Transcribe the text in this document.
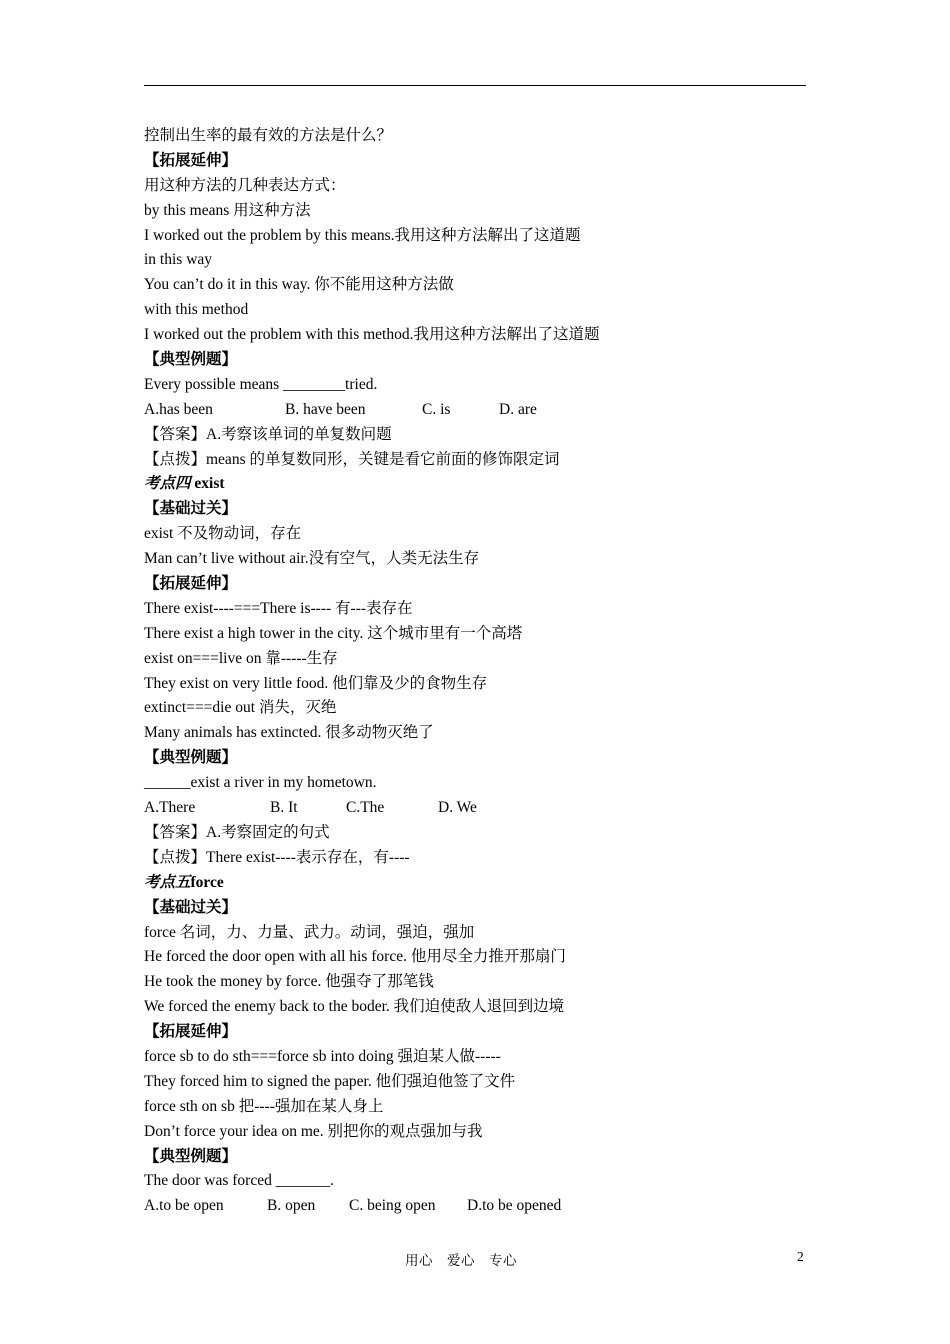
控制出生率的最有效的方法是什么？
【拓展延伸】
用这种方法的几种表达方式：
by this means 用这种方法
I worked out the problem by this means.我用这种方法解出了这道题
in this way
You can’t do it in this way. 你不能用这种方法做
with this method
I worked out the problem with this method.我用这种方法解出了这道题
【典型例题】
Every possible means ________tried.
A.has been	B. have been	C. is	D. are
【答案】A.考察该单词的单复数问题
【点拨】means 的单复数同形，关键是看它前面的修饰限定词
考点四 exist
【基础过关】
exist 不及物动词，存在
Man can’t live without air.没有空气，人类无法生存
【拓展延伸】
There exist----===There is---- 有---表存在
There exist a high tower in the city. 这个城市里有一个高塔
exist on===live on 靠-----生存
They exist on very little food. 他们靠及少的食物生存
extinct===die out 消失，灭绝
Many animals has extincted. 很多动物灭绝了
【典型例题】
______exist a river in my hometown.
A.There	B. It	C.The	D. We
【答案】A.考察固定的句式
【点拨】There exist----表示存在，有----
考点五force
【基础过关】
force 名词，力、力量、武力。动词，强迫，强加
He forced the door open with all his force. 他用尽全力推开那扇门
He took the money by force. 他强夺了那笔钱
We forced the enemy back to the boder. 我们迫使敌人退回到边境
【拓展延伸】
force sb to do sth===force sb into doing 强迫某人做-----
They forced him to signed the paper. 他们强迫他签了文件
force sth on sb 把----强加在某人身上
Don’t force your idea on me. 别把你的观点强加与我
【典型例题】
The door was forced _______.
A.to be open	B. open C. being open D.to be opened
用心　爱心　专心	2
